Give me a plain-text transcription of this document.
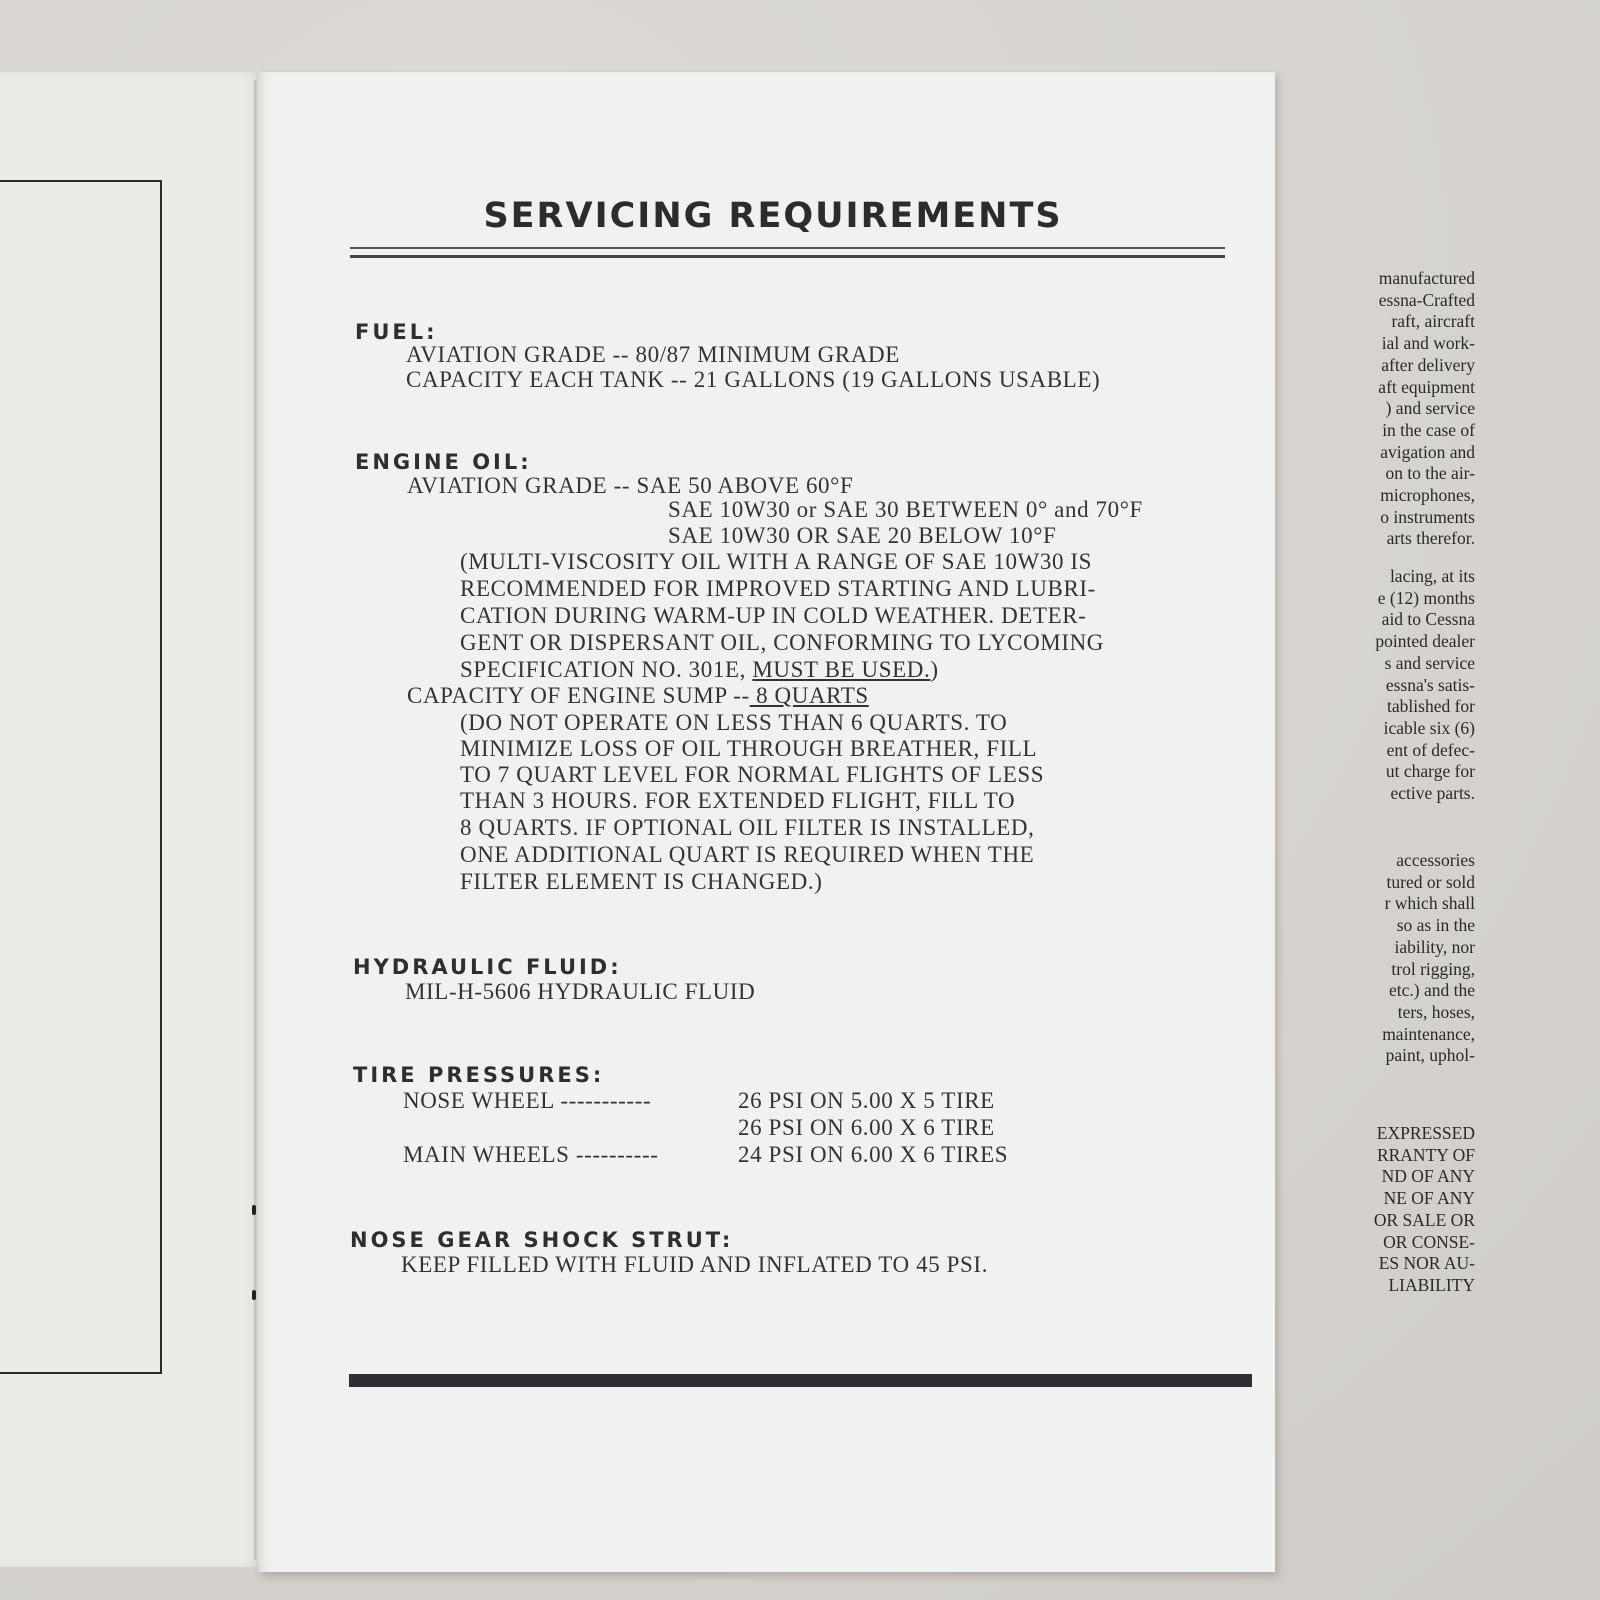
manufactured
essna-Crafted
raft, aircraft
ial and work-
after delivery
aft equipment
) and service
in the case of
avigation and
on to the air-
microphones,
o instruments
arts therefor.
lacing, at its
e (12) months
aid to Cessna
pointed dealer
s and service
essna's satis-
tablished for
icable six (6)
ent of defec-
ut charge for
ective parts.
accessories
tured or sold
r which shall
so as in the
iability, nor
trol rigging,
etc.) and the
ters, hoses,
maintenance,
paint, uphol-
EXPRESSED
RRANTY OF
ND OF ANY
NE OF ANY
OR SALE OR
OR CONSE-
ES NOR AU-
LIABILITY
SERVICING REQUIREMENTS

FUEL:

AVIATION GRADE -- 80/87 MINIMUM GRADE

CAPACITY EACH TANK -- 21 GALLONS (19 GALLONS USABLE)

ENGINE OIL:

AVIATION GRADE -- SAE 50 ABOVE 60°F

SAE 10W30 or SAE 30 BETWEEN 0° and 70°F

SAE 10W30 OR SAE 20 BELOW 10°F

(MULTI-VISCOSITY OIL WITH A RANGE OF SAE 10W30 IS

RECOMMENDED FOR IMPROVED STARTING AND LUBRI-

CATION DURING WARM-UP IN COLD WEATHER. DETER-

GENT OR DISPERSANT OIL, CONFORMING TO LYCOMING

SPECIFICATION NO. 301E, MUST BE USED.)

CAPACITY OF ENGINE SUMP -- 8 QUARTS

(DO NOT OPERATE ON LESS THAN 6 QUARTS. TO

MINIMIZE LOSS OF OIL THROUGH BREATHER, FILL

TO 7 QUART LEVEL FOR NORMAL FLIGHTS OF LESS

THAN 3 HOURS. FOR EXTENDED FLIGHT, FILL TO

8 QUARTS. IF OPTIONAL OIL FILTER IS INSTALLED,

ONE ADDITIONAL QUART IS REQUIRED WHEN THE

FILTER ELEMENT IS CHANGED.)

HYDRAULIC FLUID:

MIL-H-5606 HYDRAULIC FLUID

TIRE PRESSURES:

NOSE WHEEL -----------	26 PSI ON 5.00 X 5 TIRE

26 PSI ON 6.00 X 6 TIRE

MAIN WHEELS ----------	24 PSI ON 6.00 X 6 TIRES

NOSE GEAR SHOCK STRUT:

KEEP FILLED WITH FLUID AND INFLATED TO 45 PSI.
